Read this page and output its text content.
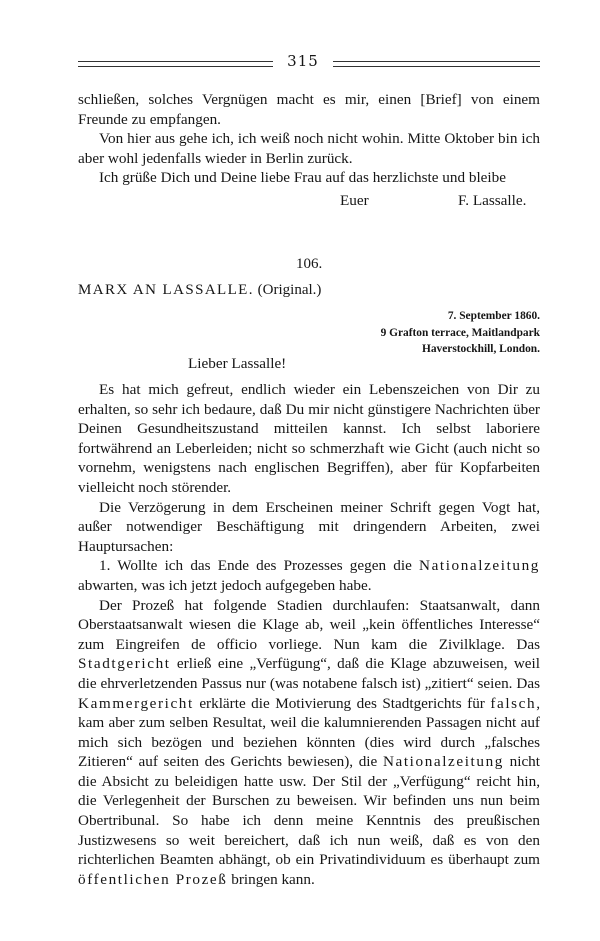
315

schließen, solches Vergnügen macht es mir, einen [Brief] von einem Freunde zu empfangen.

Von hier aus gehe ich, ich weiß noch nicht wohin. Mitte Oktober bin ich aber wohl jedenfalls wieder in Berlin zurück.

Ich grüße Dich und Deine liebe Frau auf das herzlichste und bleibe

Euer	F. Lassalle.
106.
MARX AN LASSALLE. (Original.)
7. September 1860.
9 Grafton terrace, Maitlandpark
Haverstockhill, London.
Lieber Lassalle!

Es hat mich gefreut, endlich wieder ein Lebenszeichen von Dir zu erhalten, so sehr ich bedaure, daß Du mir nicht günstigere Nachrichten über Deinen Gesundheitszustand mitteilen kannst. Ich selbst laboriere fortwährend an Leberleiden; nicht so schmerzhaft wie Gicht (auch nicht so vornehm, wenigstens nach englischen Begriffen), aber für Kopfarbeiten vielleicht noch störender.

Die Verzögerung in dem Erscheinen meiner Schrift gegen Vogt hat, außer notwendiger Beschäftigung mit dringendern Arbeiten, zwei Hauptursachen:

1. Wollte ich das Ende des Prozesses gegen die Nationalzeitung abwarten, was ich jetzt jedoch aufgegeben habe.

Der Prozeß hat folgende Stadien durchlaufen: Staatsanwalt, dann Oberstaatsanwalt wiesen die Klage ab, weil „kein öffentliches Interesse“ zum Eingreifen de officio vorliege. Nun kam die Zivilklage. Das Stadtgericht erließ eine „Verfügung“, daß die Klage abzuweisen, weil die ehrverletzenden Passus nur (was notabene falsch ist) „zitiert“ seien. Das Kammergericht erklärte die Motivierung des Stadtgerichts für falsch, kam aber zum selben Resultat, weil die kalumnierenden Passagen nicht auf mich sich bezögen und beziehen könnten (dies wird durch „falsches Zitieren“ auf seiten des Gerichts bewiesen), die Nationalzeitung nicht die Absicht zu beleidigen hatte usw. Der Stil der „Verfügung“ reicht hin, die Verlegenheit der Burschen zu beweisen. Wir befinden uns nun beim Obertribunal. So habe ich denn meine Kenntnis des preußischen Justizwesens so weit bereichert, daß ich nun weiß, daß es von den richterlichen Beamten abhängt, ob ein Privatindividuum es überhaupt zum öffentlichen Prozeß bringen kann.
